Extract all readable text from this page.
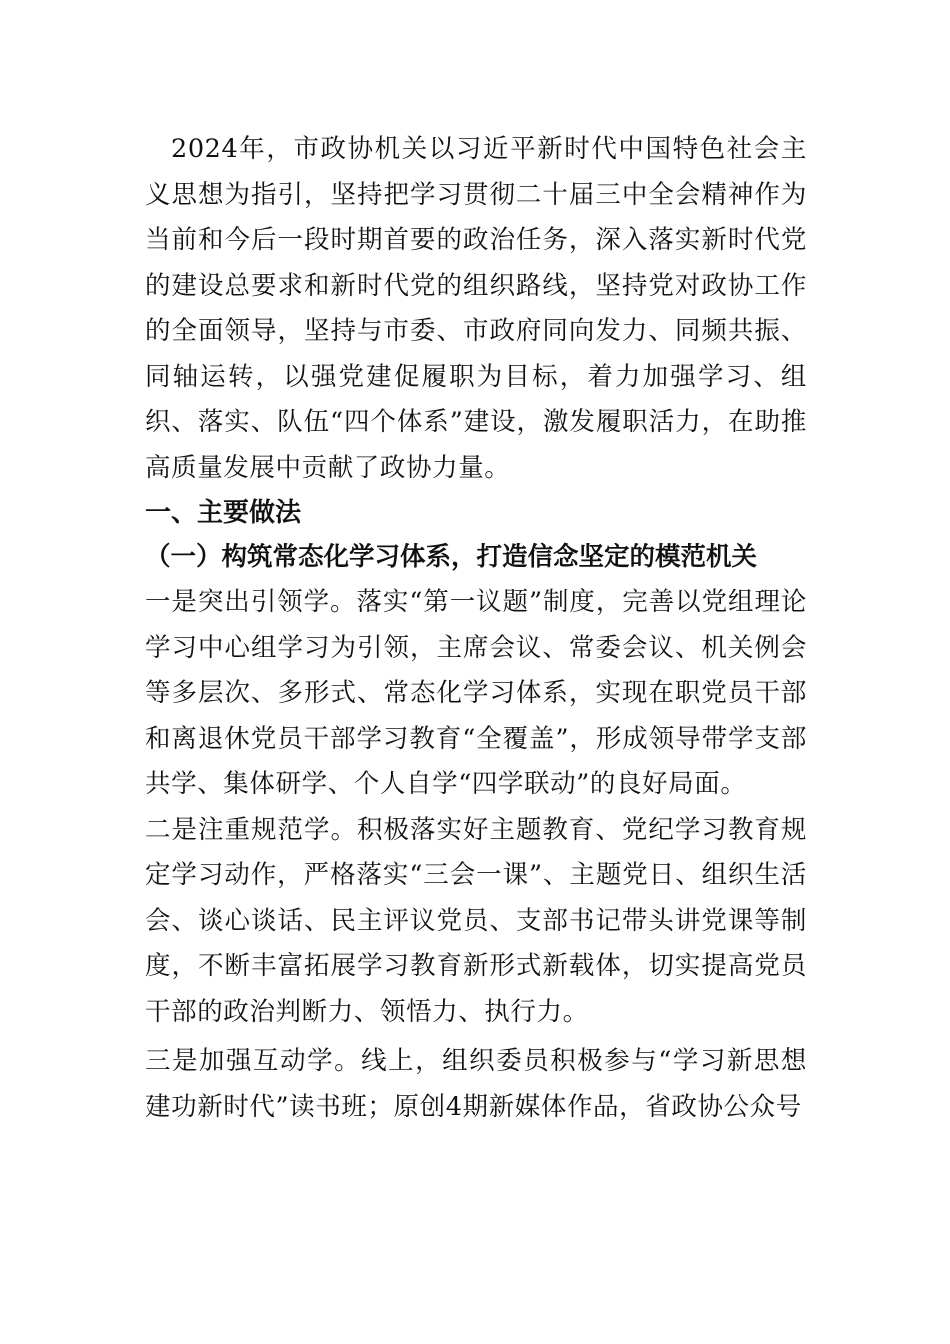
2024年，市政协机关以习近平新时代中国特色社会主义思想为指引，坚持把学习贯彻二十届三中全会精神作为当前和今后一段时期首要的政治任务，深入落实新时代党的建设总要求和新时代党的组织路线，坚持党对政协工作的全面领导，坚持与市委、市政府同向发力、同频共振、同轴运转，以强党建促履职为目标，着力加强学习、组织、落实、队伍“四个体系”建设，激发履职活力，在助推高质量发展中贡献了政协力量。

一、主要做法
（一）构筑常态化学习体系，打造信念坚定的模范机关

一是突出引领学。落实“第一议题”制度，完善以党组理论学习中心组学习为引领，主席会议、常委会议、机关例会等多层次、多形式、常态化学习体系，实现在职党员干部和离退休党员干部学习教育“全覆盖”，形成领导带学支部共学、集体研学、个人自学“四学联动”的良好局面。

二是注重规范学。积极落实好主题教育、党纪学习教育规定学习动作，严格落实“三会一课”、主题党日、组织生活会、谈心谈话、民主评议党员、支部书记带头讲党课等制度，不断丰富拓展学习教育新形式新载体，切实提高党员干部的政治判断力、领悟力、执行力。

三是加强互动学。线上，组织委员积极参与“学习新思想建功新时代”读书班；原创4期新媒体作品，省政协公众号
